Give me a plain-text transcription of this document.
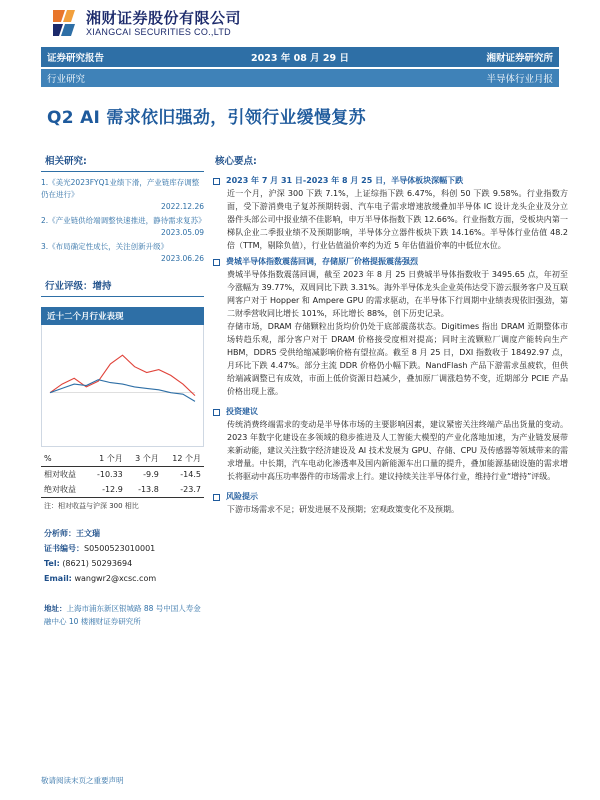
湘财证券股份有限公司
XIANGCAI SECURITIES CO.,LTD
证券研究报告	2023 年 08 月 29 日	湘财证券研究所
行业研究	半导体行业月报
Q2 AI 需求依旧强劲，引领行业缓慢复苏
相关研究:
1.《美光2023FYQ1业绩下滑，产业链库存调整仍在进行》
2022.12.26
2.《产业链供给端调整快速推进，静待需求复苏》
2023.05.09
3.《布局确定性成长，关注创新升级》
2023.06.26
行业评级：增持
近十二个月行业表现
%	1 个月	3 个月	12 个月
相对收益	-10.33	-9.9	-14.5
绝对收益	-12.9	-13.8	-23.7
注：相对收益与沪深 300 相比
分析师：王文瑞
证书编号：S0500523010001
Tel: (8621) 50293694
Email: wangwr2@xcsc.com
地址：上海市浦东新区银城路 88 号中国人寿金融中心 10 楼湘财证券研究所
核心要点:
2023 年 7 月 31 日-2023 年 8 月 25 日，半导体板块深幅下跌
近一个月，沪深 300 下跌 7.1%，上证综指下跌 6.47%，科创 50 下跌 9.58%。行业指数方面，受下游消费电子复苏预期转弱、汽车电子需求增速放缓叠加半导体 IC 设计龙头企业及分立器件头部公司中报业绩不佳影响，申万半导体指数下跌 12.66%。行业指数方面，受板块内第一梯队企业二季报业绩不及预期影响，半导体分立器件板块下跌 14.16%。半导体行业估值 48.2 倍（TTM，剔除负值），行业估值溢价率约为近 5 年估值溢价率的中低位水位。
费城半导体指数震荡回调，存储原厂价格提振震荡强烈
费城半导体指数震荡回调，截至 2023 年 8 月 25 日费城半导体指数收于 3495.65 点，年初至今涨幅为 39.77%，双周同比下跌 3.31%。海外半导体龙头企业英伟达受下游云服务客户及互联网客户对于 Hopper 和 Ampere GPU 的需求驱动，在半导体下行周期中业绩表现依旧强劲，第二财季营收同比增长 101%，环比增长 88%，创下历史记录。
存储市场，DRAM 存储颗粒出货均价仍处于底部震荡状态。Digitimes 指出 DRAM 近期整体市场转趋乐观，部分客户对于 DRAM 价格接受度相对提高；同时主流颗粒厂调度产能转向生产 HBM，DDR5 受供给缩减影响价格有望拉高。截至 8 月 25 日，DXI 指数收于 18492.97 点，月环比下跌 4.47%。部分主流 DDR 价格仍小幅下跌。NandFlash 产品下游需求虽疲软，但供给端减调整已有成效，市面上低价资源日趋减少，叠加原厂调涨趋势不变，近期部分 PCIE 产品价格出现上涨。
投资建议
传统消费终端需求的变动是半导体市场的主要影响因素，建议紧密关注终端产品出货量的变动。2023 年数字化建设在多领域的稳步推进及人工智能大模型的产业化落地加速，为产业链发展带来新动能，建议关注数字经济建设及 AI 技术发展为 GPU、存储、CPU 及传感器等领域带来的需求增量。中长期，汽车电动化渗透率及国内新能源车出口量的提升，叠加能源基础设施的需求增长将驱动中高压功率器件的市场需求上行。建议持续关注半导体行业，维持行业“增持”评级。
风险提示
下游市场需求不足；研发进展不及预期；宏观政策变化不及预期。
敬请阅读末页之重要声明
